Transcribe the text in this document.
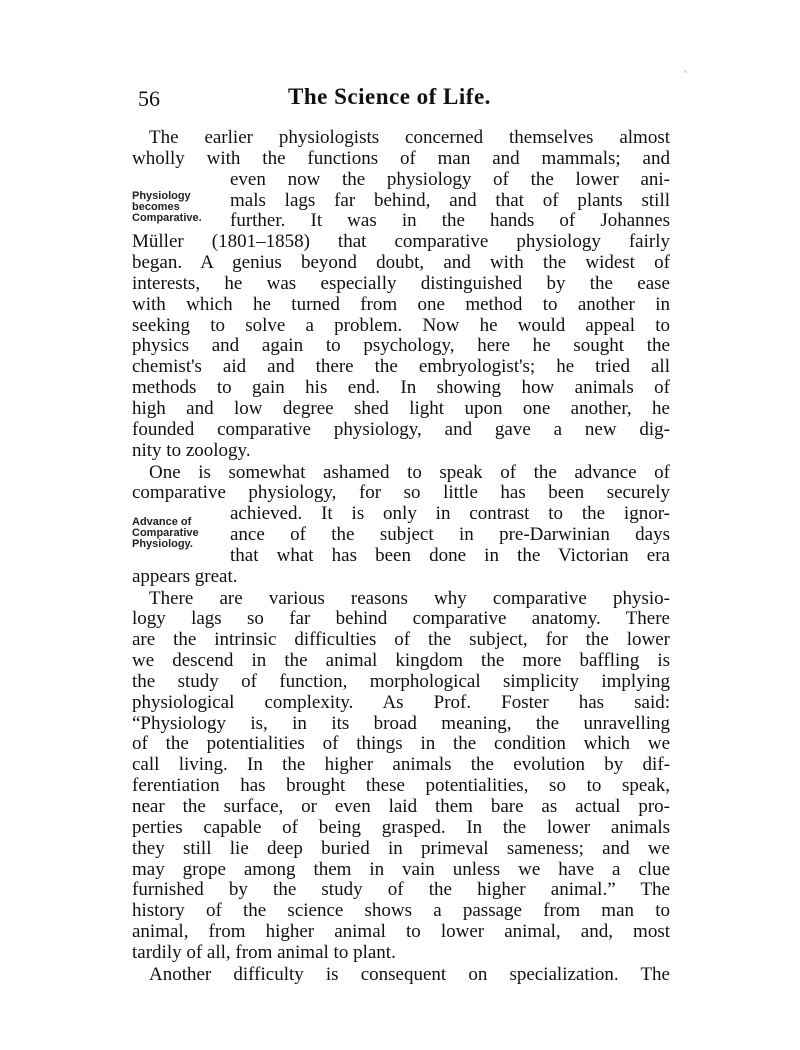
56	The Science of Life.
The earlier physiologists concerned themselves almost
wholly with the functions of man and mammals; and
Physiology
becomes
Comparative.
even now the physiology of the lower ani-
mals lags far behind, and that of plants still
further. It was in the hands of Johannes
Müller (1801–1858) that comparative physiology fairly
began. A genius beyond doubt, and with the widest of
interests, he was especially distinguished by the ease
with which he turned from one method to another in
seeking to solve a problem. Now he would appeal to
physics and again to psychology, here he sought the
chemist's aid and there the embryologist's; he tried all
methods to gain his end. In showing how animals of
high and low degree shed light upon one another, he
founded comparative physiology, and gave a new dig-
nity to zoology.
One is somewhat ashamed to speak of the advance of
comparative physiology, for so little has been securely
Advance of
Comparative
Physiology.
achieved. It is only in contrast to the ignor-
ance of the subject in pre-Darwinian days
that what has been done in the Victorian era
appears great.
There are various reasons why comparative physio-
logy lags so far behind comparative anatomy. There
are the intrinsic difficulties of the subject, for the lower
we descend in the animal kingdom the more baffling is
the study of function, morphological simplicity implying
physiological complexity. As Prof. Foster has said:
“Physiology is, in its broad meaning, the unravelling
of the potentialities of things in the condition which we
call living. In the higher animals the evolution by dif-
ferentiation has brought these potentialities, so to speak,
near the surface, or even laid them bare as actual pro-
perties capable of being grasped. In the lower animals
they still lie deep buried in primeval sameness; and we
may grope among them in vain unless we have a clue
furnished by the study of the higher animal.” The
history of the science shows a passage from man to
animal, from higher animal to lower animal, and, most
tardily of all, from animal to plant.
Another difficulty is consequent on specialization. The
